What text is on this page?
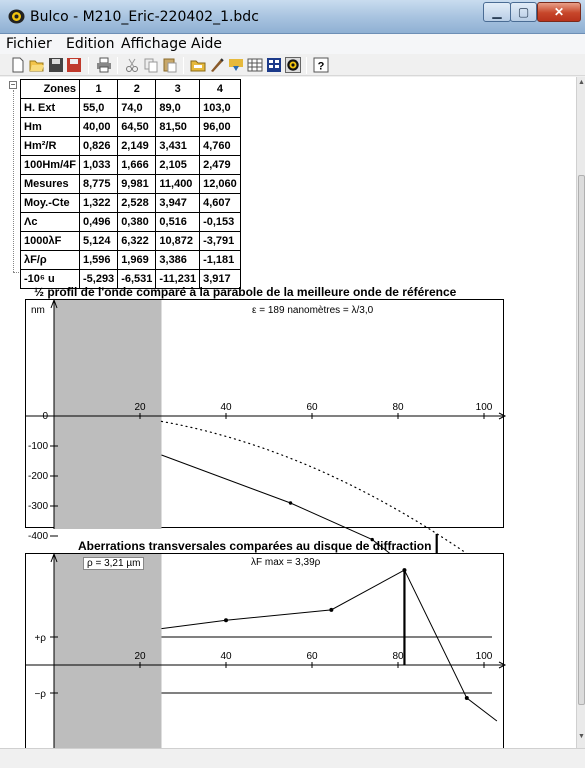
Bulco - M210_Eric-220402_1.bdc	▁	▢	✕
Fichier Edition Affichage Aide
?
−	Zones	1	2	3	4
H. Ext	55,0	74,0	89,0	103,0
Hm	40,00	64,50	81,50	96,00
Hm²/R	0,826	2,149	3,431	4,760
100Hm/4F	1,033	1,666	2,105	2,479
Mesures	8,775	9,981	11,400	12,060
Moy.-Cte	1,322	2,528	3,947	4,607
Λc	0,496	0,380	0,516	-0,153
1000λF	5,124	6,322	10,872	-3,791
λF/ρ	1,596	1,969	3,386	-1,181
-10⁶ u	-5,293	-6,531	-11,231	3,917
½ profil de l'onde comparé à la parabole de la meilleure onde de référence
20	40	60	80	100
0
-100
-200
-300
-400
nm	ε = 189 nanomètres = λ/3,0
Aberrations transversales comparées au disque de diffraction
+ρ
−ρ
20	40	60	80	100
ρ = 3,21 µm	λF max = 3,39ρ
▲
▼
